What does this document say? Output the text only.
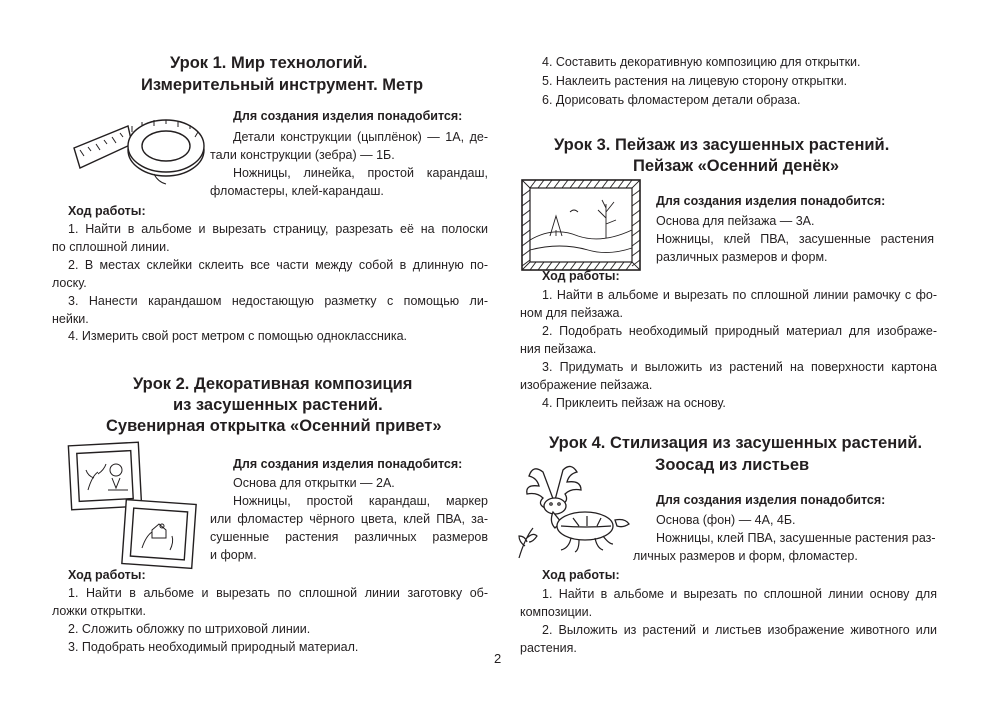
Урок 1. Мир технологий.
Измерительный инструмент. Метр

Для создания изделия понадобится:

Детали конструкции (цыплёнок) — 1А, де-

тали конструкции (зебра) — 1Б.

Ножницы, линейка, простой карандаш,

фломастеры, клей-карандаш.

Ход работы:

1. Найти в альбоме и вырезать страницу, разрезать её на полоски

по сплошной линии.

2. В местах склейки склеить все части между собой в длинную по-

лоску.

3. Нанести карандашом недостающую разметку с помощью ли-

нейки.

4. Измерить свой рост метром с помощью одноклассника.

Урок 2. Декоративная композиция
из засушенных растений.
Сувенирная открытка «Осенний привет»

Для создания изделия понадобится:

Основа для открытки — 2А.

Ножницы, простой карандаш, маркер

или фломастер чёрного цвета, клей ПВА, за-

сушенные растения различных размеров

и форм.

Ход работы:

1. Найти в альбоме и вырезать по сплошной линии заготовку об-

ложки открытки.

2. Сложить обложку по штриховой линии.

3. Подобрать необходимый природный материал.

4. Составить декоративную композицию для открытки.

5. Наклеить растения на лицевую сторону открытки.

6. Дорисовать фломастером детали образа.

Урок 3. Пейзаж из засушенных растений.
Пейзаж «Осенний денёк»

Для создания изделия понадобится:

Основа для пейзажа — 3А.

Ножницы, клей ПВА, засушенные растения

различных размеров и форм.

Ход работы:

1. Найти в альбоме и вырезать по сплошной линии рамочку с фо-

ном для пейзажа.

2. Подобрать необходимый природный материал для изображе-

ния пейзажа.

3. Придумать и выложить из растений на поверхности картона

изображение пейзажа.

4. Приклеить пейзаж на основу.

Урок 4. Стилизация из засушенных растений.
Зоосад из листьев

Для создания изделия понадобится:

Основа (фон) — 4А, 4Б.

Ножницы, клей ПВА, засушенные растения раз-

личных размеров и форм, фломастер.

Ход работы:

1. Найти в альбоме и вырезать по сплошной линии основу для

композиции.

2. Выложить из растений и листьев изображение животного или

растения.

2
